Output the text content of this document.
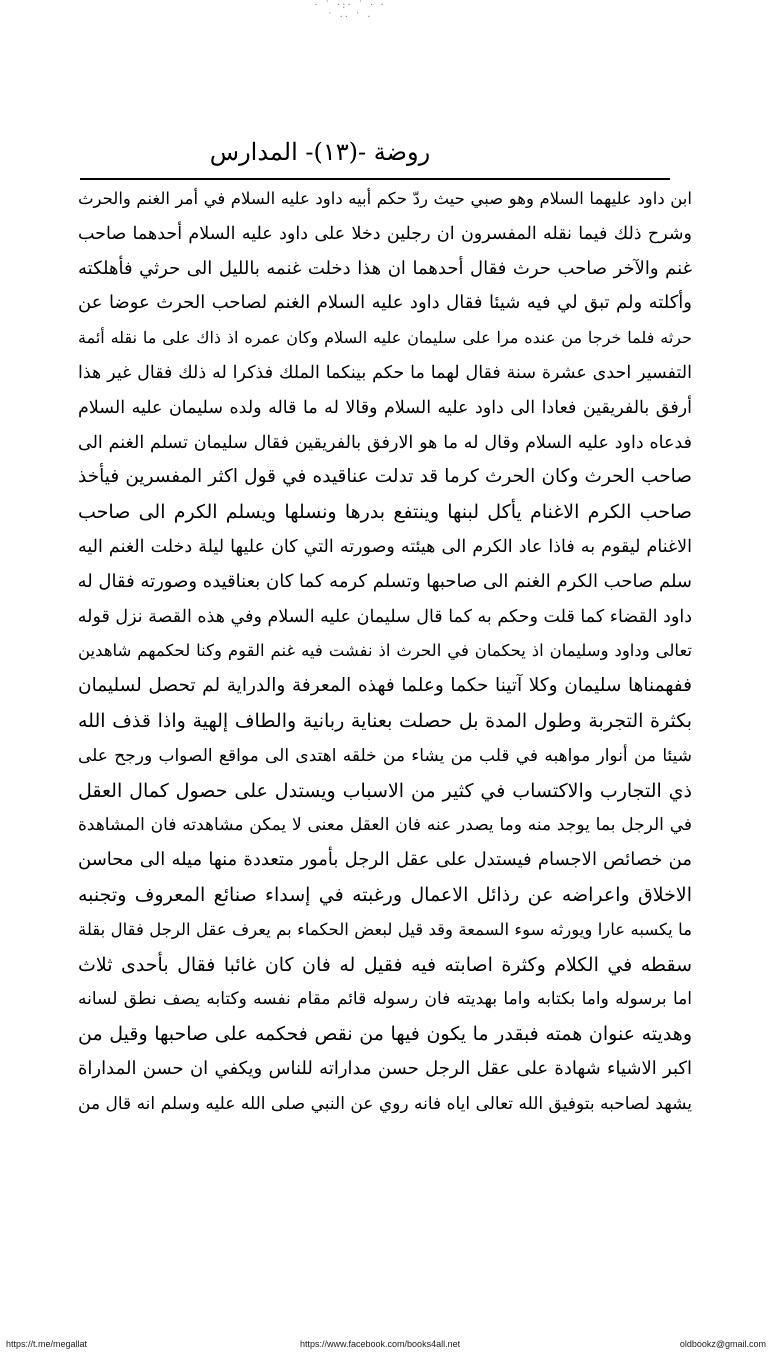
· ˙ ·:· ˙ · ·
˙ ·· ˙ ·
روضة -(١٣)- المدارس
ابن داود عليهما السلام وهو صبي حيث ردّ حكم أبيه داود عليه السلام في أمر الغنم والحرث
وشرح ذلك فيما نقله المفسرون ان رجلين دخلا على داود عليه السلام أحدهما صاحب
غنم والآخر صاحب حرث فقال أحدهما ان هذا دخلت غنمه بالليل الى حرثي فأهلكته
وأكلته ولم تبق لي فيه شيئا فقال داود عليه السلام الغنم لصاحب الحرث عوضا عن
حرثه فلما خرجا من عنده مرا على سليمان عليه السلام وكان عمره اذ ذاك على ما نقله أئمة
التفسير احدى عشرة سنة فقال لهما ما حكم بينكما الملك فذكرا له ذلك فقال غير هذا
أرفق بالفريقين فعادا الى داود عليه السلام وقالا له ما قاله ولده سليمان عليه السلام
فدعاه داود عليه السلام وقال له ما هو الارفق بالفريقين فقال سليمان تسلم الغنم الى
صاحب الحرث وكان الحرث كرما قد تدلت عناقيده في قول اكثر المفسرين فيأخذ
صاحب الكرم الاغنام يأكل لبنها وينتفع بدرها ونسلها ويسلم الكرم الى صاحب
الاغنام ليقوم به فاذا عاد الكرم الى هيئته وصورته التي كان عليها ليلة دخلت الغنم اليه
سلم صاحب الكرم الغنم الى صاحبها وتسلم كرمه كما كان بعناقيده وصورته فقال له
داود القضاء كما قلت وحكم به كما قال سليمان عليه السلام وفي هذه القصة نزل قوله
تعالى وداود وسليمان اذ يحكمان في الحرث اذ نفشت فيه غنم القوم وكنا لحكمهم شاهدين
ففهمناها سليمان وكلا آتينا حكما وعلما فهذه المعرفة والدراية لم تحصل لسليمان
بكثرة التجربة وطول المدة بل حصلت بعناية ربانية والطاف إلهية واذا قذف الله
شيئا من أنوار مواهبه في قلب من يشاء من خلقه اهتدى الى مواقع الصواب ورجح على
ذي التجارب والاكتساب في كثير من الاسباب ويستدل على حصول كمال العقل
في الرجل بما يوجد منه وما يصدر عنه فان العقل معنى لا يمكن مشاهدته فان المشاهدة
من خصائص الاجسام فيستدل على عقل الرجل بأمور متعددة منها ميله الى محاسن
الاخلاق واعراضه عن رذائل الاعمال ورغبته في إسداء صنائع المعروف وتجنبه
ما يكسبه عارا ويورثه سوء السمعة وقد قيل لبعض الحكماء بم يعرف عقل الرجل فقال بقلة
سقطه في الكلام وكثرة اصابته فيه فقيل له فان كان غائبا فقال بأحدى ثلاث
اما برسوله واما بكتابه واما بهديته فان رسوله قائم مقام نفسه وكتابه يصف نطق لسانه
وهديته عنوان همته فبقدر ما يكون فيها من نقص فحكمه على صاحبها وقيل من
اكبر الاشياء شهادة على عقل الرجل حسن مداراته للناس ويكفي ان حسن المداراة
يشهد لصاحبه بتوفيق الله تعالى اياه فانه روي عن النبي صلى الله عليه وسلم انه قال من
https://t.me/megallat	https://www.facebook.com/books4all.net	oldbookz@gmail.com
